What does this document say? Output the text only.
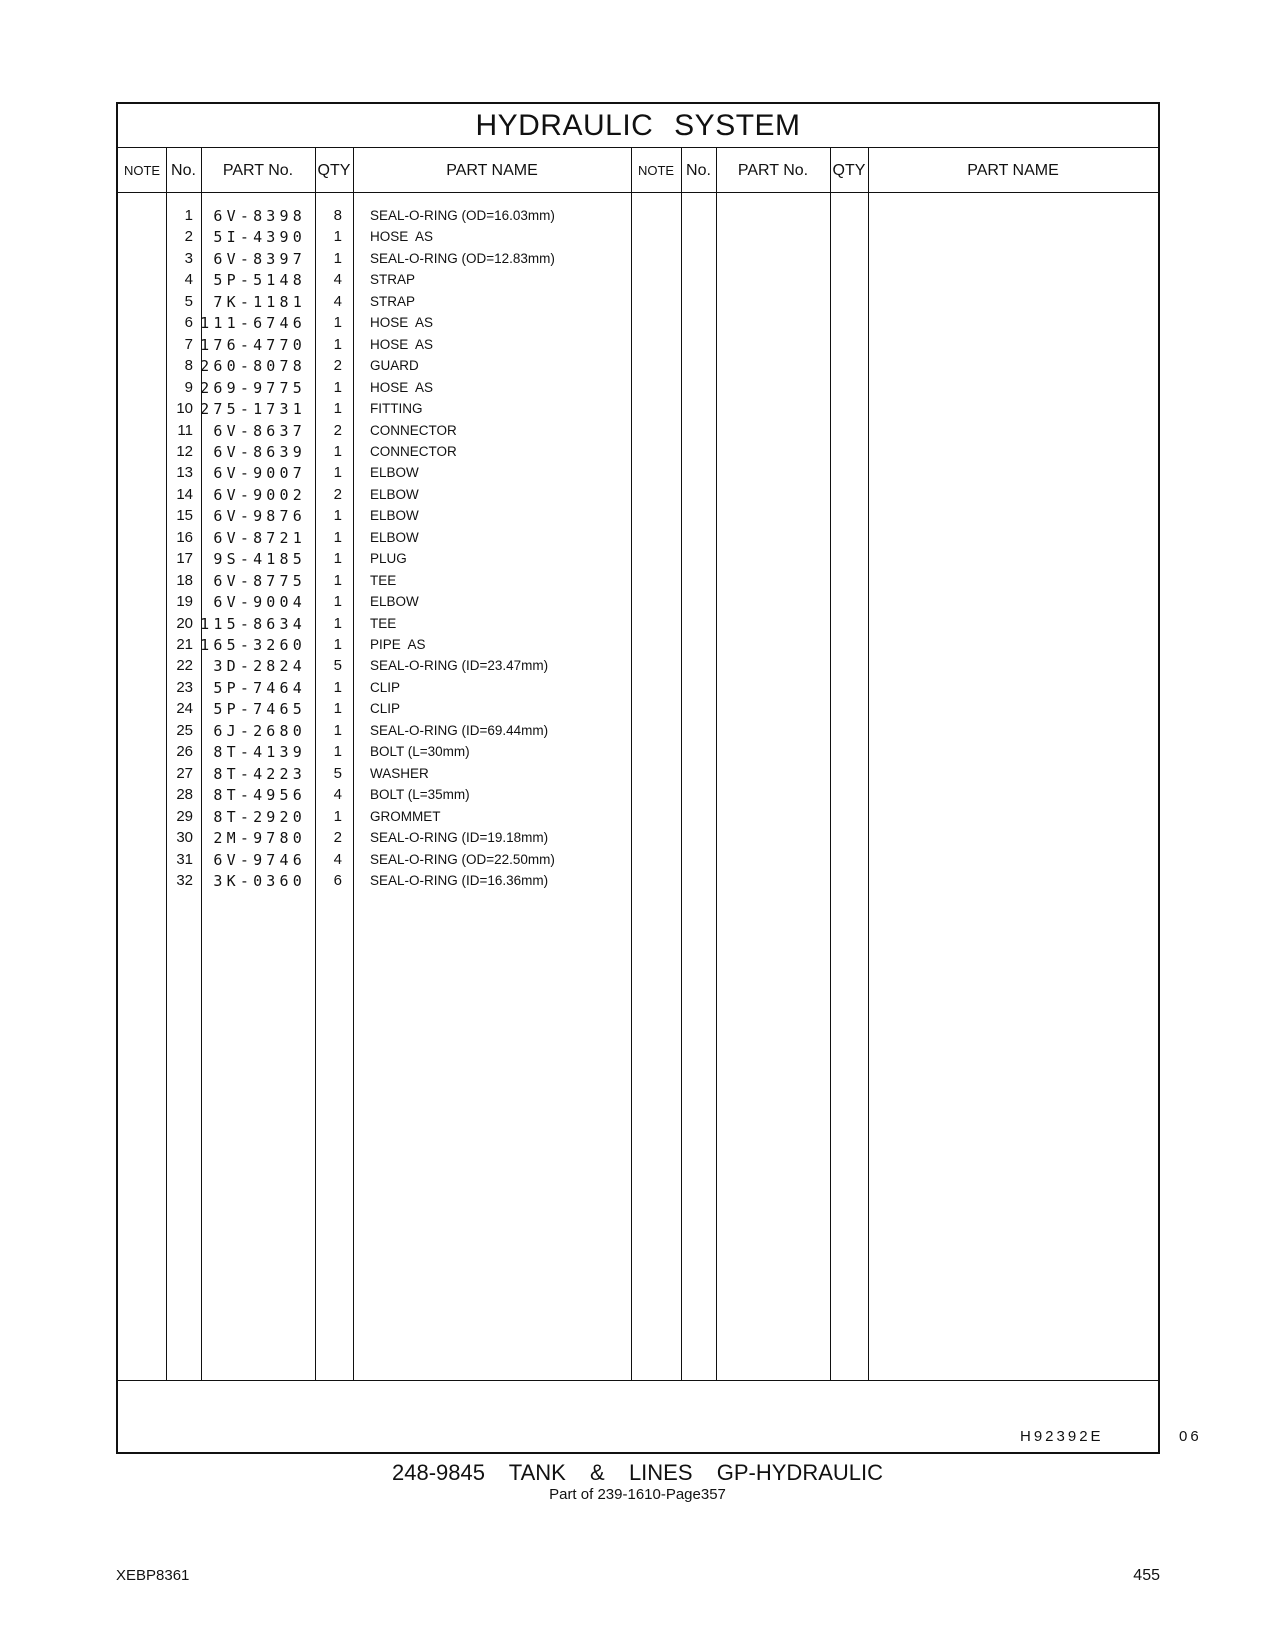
HYDRAULIC SYSTEM
NOTE No.	PART No.	QTY	PART NAME	NOTE No.	PART No.	QTY	PART NAME
1	6V-8398	8 SEAL-O-RING (OD=16.03mm)
2	5I-4390	1 HOSE  AS
3	6V-8397	1 SEAL-O-RING (OD=12.83mm)
4	5P-5148	4 STRAP
5	7K-1181	4 STRAP
6 111-6746	1 HOSE  AS
7 176-4770	1 HOSE  AS
8 260-8078	2 GUARD
9 269-9775	1 HOSE  AS
10 275-1731	1 FITTING
11	6V-8637	2 CONNECTOR
12	6V-8639	1 CONNECTOR
13	6V-9007	1 ELBOW
14	6V-9002	2 ELBOW
15	6V-9876	1 ELBOW
16	6V-8721	1 ELBOW
17	9S-4185	1 PLUG
18	6V-8775	1 TEE
19	6V-9004	1 ELBOW
20 115-8634	1 TEE
21 165-3260	1 PIPE  AS
22	3D-2824	5 SEAL-O-RING (ID=23.47mm)
23	5P-7464	1 CLIP
24	5P-7465	1 CLIP
25	6J-2680	1 SEAL-O-RING (ID=69.44mm)
26	8T-4139	1 BOLT (L=30mm)
27	8T-4223	5 WASHER
28	8T-4956	4 BOLT (L=35mm)
29	8T-2920	1 GROMMET
30	2M-9780	2 SEAL-O-RING (ID=19.18mm)
31	6V-9746	4 SEAL-O-RING (OD=22.50mm)
32	3K-0360	6 SEAL-O-RING (ID=16.36mm)
H92392E   06
248-9845  TANK  &  LINES  GP-HYDRAULIC
Part of 239-1610-Page357
XEBP8361	455
